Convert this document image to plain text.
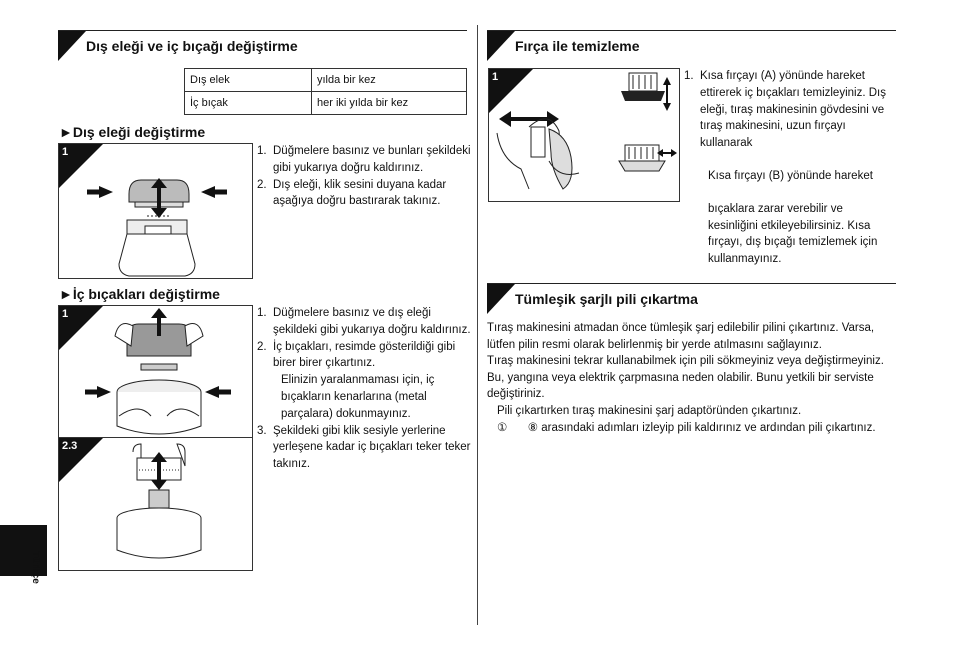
Dış eleği ve iç bıçağı değiştirme
Dış elek	yılda bir kez
İç bıçak	her iki yılda bir kez
►Dış eleği değiştirme
1	1. Düğmelere basınız ve bunları şekildeki gibi yukarıya doğru kaldırınız.
2. Dış eleği, klik sesini duyana kadar aşağıya doğru bastırarak takınız.
►İç bıçakları değiştirme
1
2.3
1. Düğmelere basınız ve dış eleği şekildeki gibi yukarıya doğru kaldırınız.
2. İç bıçakları, resimde gösterildiği gibi birer birer çıkartınız.
Elinizin yaralanmaması için, iç bıçakların kenarlarına (metal parçalara) dokunmayınız.
3. Şekildeki gibi klik sesiyle yerlerine yerleşene kadar iç bıçakları teker teker takınız.
Türkçe
Fırça ile temizleme
1	1. Kısa fırçayı (A) yönünde hareket ettirerek iç bıçakları temizleyiniz. Dış eleği, tıraş makinesinin gövdesini ve tıraş makinesini, uzun fırçayı kullanarak
Kısa fırçayı (B) yönünde hareket
bıçaklara zarar verebilir ve kesinliğini etkileyebilirsiniz. Kısa fırçayı, dış bıçağı temizlemek için kullanmayınız.
Tümleşik şarjlı pili çıkartma
Tıraş makinesini atmadan önce tümleşik şarj edilebilir pilini çıkartınız. Varsa, lütfen pilin resmi olarak belirlenmiş bir yerde atılmasını sağlayınız.
Tıraş makinesini tekrar kullanabilmek için pili sökmeyiniz veya değiştirmeyiniz. Bu, yangına veya elektrik çarpmasına neden olabilir. Bunu yetkili bir serviste değiştiriniz.
Pili çıkartırken tıraş makinesini şarj adaptöründen çıkartınız.
① ⑧ arasındaki adımları izleyip pili kaldırınız ve ardından pili çıkartınız.
